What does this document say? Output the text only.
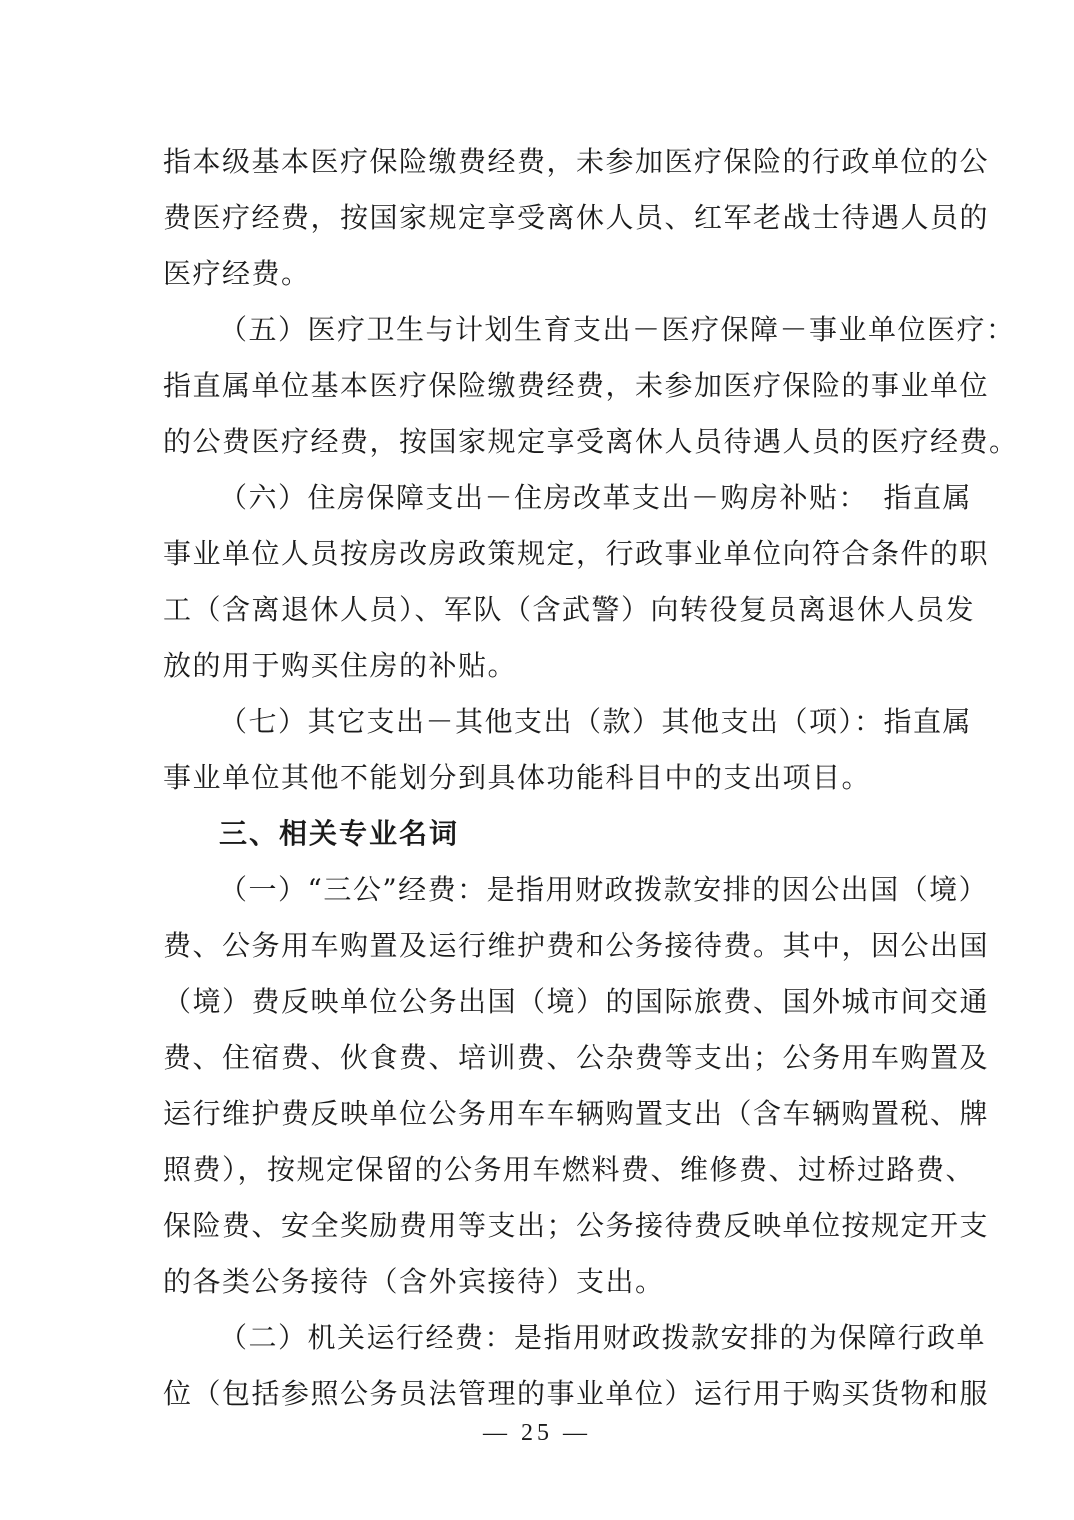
指本级基本医疗保险缴费经费，未参加医疗保险的行政单位的公
费医疗经费，按国家规定享受离休人员、红军老战士待遇人员的
医疗经费。
（五）医疗卫生与计划生育支出－医疗保障－事业单位医疗：
指直属单位基本医疗保险缴费经费，未参加医疗保险的事业单位
的公费医疗经费，按国家规定享受离休人员待遇人员的医疗经费。
（六）住房保障支出－住房改革支出－购房补贴：　指直属
事业单位人员按房改房政策规定，行政事业单位向符合条件的职
工（含离退休人员）、军队（含武警）向转役复员离退休人员发
放的用于购买住房的补贴。
（七）其它支出－其他支出（款）其他支出（项）：指直属
事业单位其他不能划分到具体功能科目中的支出项目。
三、相关专业名词
（一）“三公”经费：是指用财政拨款安排的因公出国（境）
费、公务用车购置及运行维护费和公务接待费。其中，因公出国
（境）费反映单位公务出国（境）的国际旅费、国外城市间交通
费、住宿费、伙食费、培训费、公杂费等支出；公务用车购置及
运行维护费反映单位公务用车车辆购置支出（含车辆购置税、牌
照费），按规定保留的公务用车燃料费、维修费、过桥过路费、
保险费、安全奖励费用等支出；公务接待费反映单位按规定开支
的各类公务接待（含外宾接待）支出。
（二）机关运行经费：是指用财政拨款安排的为保障行政单
位（包括参照公务员法管理的事业单位）运行用于购买货物和服
— 25 —
